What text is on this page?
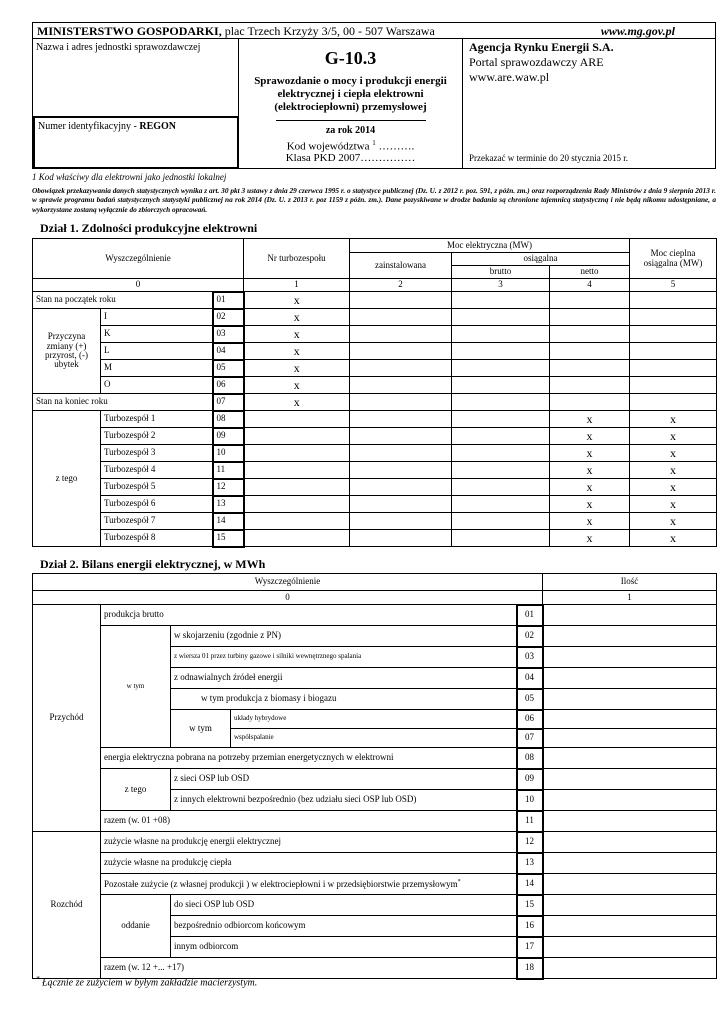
MINISTERSTWO GOSPODARKI, plac Trzech Krzyży 3/5, 00 - 507 Warszawa	www.mg.gov.pl
Nazwa i adres jednostki sprawozdawczej
Numer identyfikacyjny - REGON
G-10.3
Sprawozdanie o mocy i produkcji energii elektrycznej i ciepła elektrowni (elektrociepłowni) przemysłowej
za rok 2014
Kod województwa $^1$ ……….
Klasa PKD 2007……………
Agencja Rynku Energii S.A.
Portal sprawozdawczy ARE
www.are.waw.pl
Przekazać w terminie do 20 stycznia 2015 r.
1 Kod właściwy dla elektrowni jako jednostki lokalnej
Obowiązek przekazywania danych statystycznych wynika z art. 30 pkt 3 ustawy z dnia 29 czerwca 1995 r. o statystyce publicznej (Dz. U. z 2012 r. poz. 591, z późn. zm.) oraz rozporządzenia Rady Ministrów z dnia 9 sierpnia 2013 r. w sprawie programu badań statystycznych statystyki publicznej na rok 2014 (Dz. U. z 2013 r. poz 1159 z późn. zm.). Dane pozyskiwane w drodze badania są chronione tajemnicą statystyczną i nie będą nikomu udostępniane, a wykorzystane zostaną wyłącznie do zbiorczych opracowań.
Dział 1. Zdolności produkcyjne elektrowni
Wyszczególnienie			Nr turbozespołu	Moc elektryczna (MW)			Moc cieplna osiągalna (MW)
				zainstalowana	osiągalna		
					brutto	netto	
0			1	2	3	4	5
Stan na początek roku		01	x				
Przyczyna zmiany (+) przyrost, (-) ubytek	I	02	x				
	K	03	x				
	L	04	x				
	M	05	x				
	O	06	x				
Stan na koniec roku		07	x				
z tego	Turbozespół 1	08				x	x
	Turbozespół 2	09				x	x
	Turbozespół 3	10				x	x
	Turbozespół 4	11				x	x
	Turbozespół 5	12				x	x
	Turbozespół 6	13				x	x
	Turbozespół 7	14				x	x
	Turbozespół 8	15				x	x
Dział 2. Bilans energii elektrycznej, w MWh
Wyszczególnienie					Ilość
0					1
Przychód	produkcja brutto			01	
	w tym	w skojarzeniu (zgodnie z PN)		02	
		z wiersza 01 przez turbiny gazowe i silniki wewnętrznego spalania		03	
		z odnawialnych źródeł energii		04	
		w tym produkcja z biomasy i biogazu		05	
		w tym	układy hybrydowe	06	
			współspalanie	07	
	energia elektryczna pobrana na potrzeby przemian energetycznych w elektrowni			08	
	z tego	z sieci OSP lub OSD		09	
		z innych elektrowni bezpośrednio (bez udziału sieci OSP lub OSD)		10	
	razem (w. 01 +08)			11	
Rozchód	zużycie własne na produkcję energii elektrycznej			12	
	zużycie własne na produkcję ciepła			13	
	Pozostałe zużycie (z własnej produkcji ) w elektrociepłowni i w przedsiębiorstwie przemysłowym*			14	
	oddanie	do sieci OSP lub OSD		15	
		bezpośrednio odbiorcom końcowym		16	
		innym odbiorcom		17	
	razem (w. 12 +... +17)			18	
* Łącznie ze zużyciem w byłym zakładzie macierzystym.
